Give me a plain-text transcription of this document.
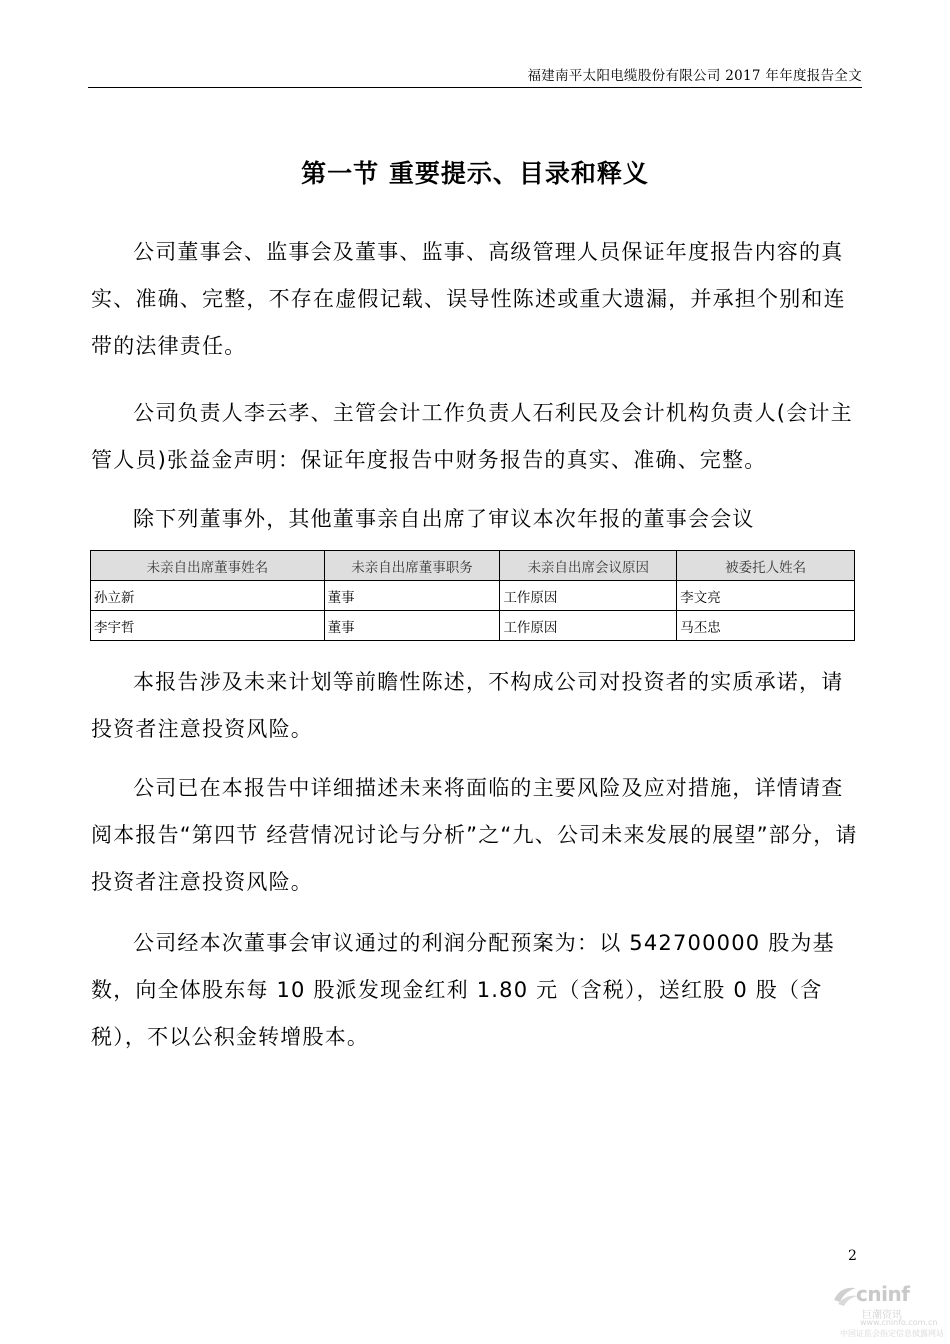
福建南平太阳电缆股份有限公司 2017 年年度报告全文
第一节 重要提示、目录和释义

公司董事会、监事会及董事、监事、高级管理人员保证年度报告内容的真实、准确、完整，不存在虚假记载、误导性陈述或重大遗漏，并承担个别和连带的法律责任。

公司负责人李云孝、主管会计工作负责人石利民及会计机构负责人(会计主管人员)张益金声明：保证年度报告中财务报告的真实、准确、完整。

除下列董事外，其他董事亲自出席了审议本次年报的董事会会议

未亲自出席董事姓名	未亲自出席董事职务	未亲自出席会议原因	被委托人姓名
孙立新	董事	工作原因	李文亮
李宇哲	董事	工作原因	马丕忠

本报告涉及未来计划等前瞻性陈述，不构成公司对投资者的实质承诺，请投资者注意投资风险。

公司已在本报告中详细描述未来将面临的主要风险及应对措施，详情请查阅本报告“第四节 经营情况讨论与分析”之“九、公司未来发展的展望”部分，请投资者注意投资风险。

公司经本次董事会审议通过的利润分配预案为：以 542700000 股为基数，向全体股东每 10 股派发现金红利 1.80 元（含税），送红股 0 股（含税），不以公积金转增股本。

2
cninf
巨潮资讯
www.cninfo.com.cn
中国证监会指定信息披露网站
